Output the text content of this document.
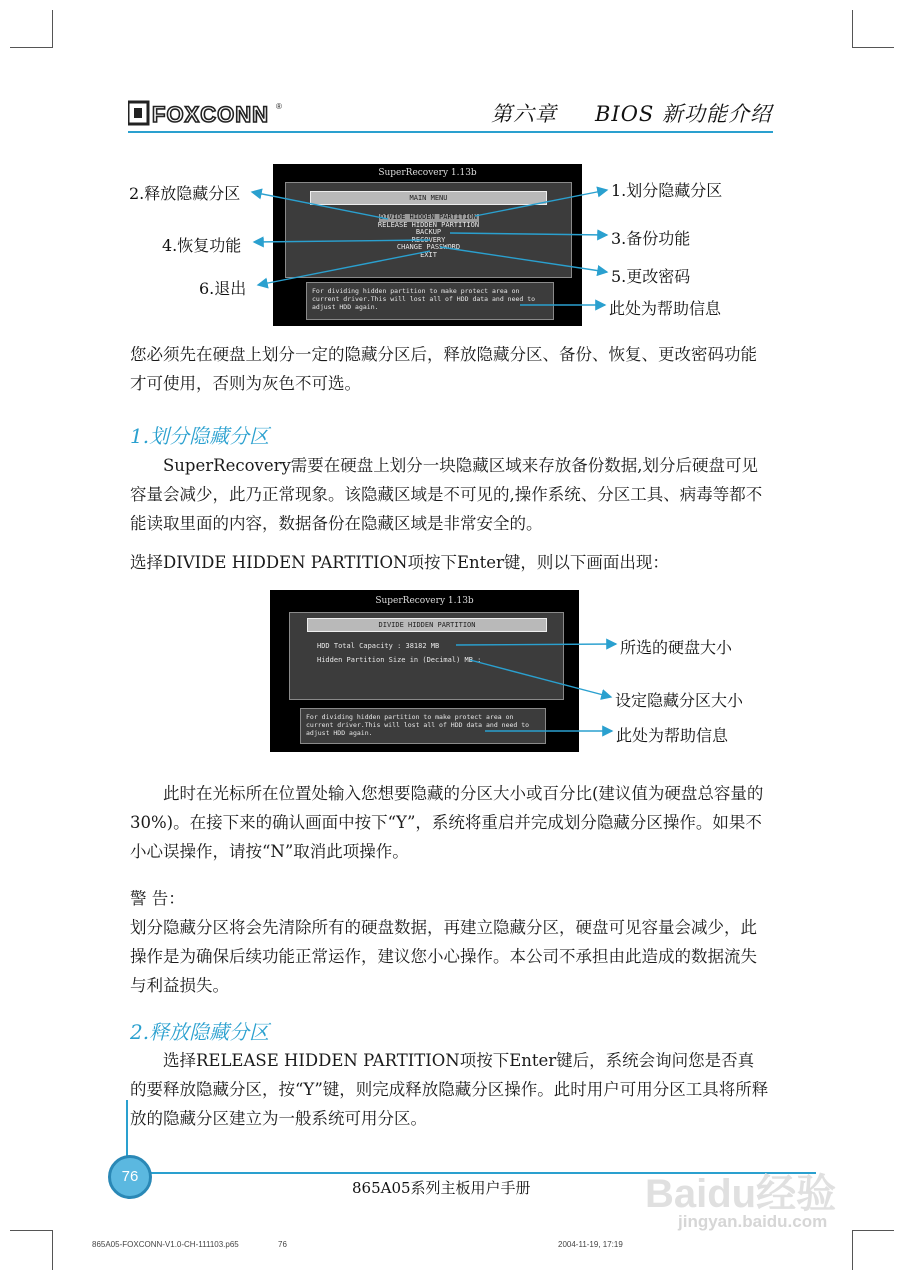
FOXCONN ®	第六章 BIOS 新功能介绍
SuperRecovery 1.13b
MAIN MENU
DIVIDE HIDDEN PARTITION
RELEASE HIDDEN PARTITION
BACKUP
RECOVERY
CHANGE PASSWORD
EXIT
For dividing hidden partition to make protect area on
current driver.This will lost all of HDD data and need to
adjust HDD again.
2.释放隐藏分区
4.恢复功能
6.退出
1.划分隐藏分区
3.备份功能
5.更改密码
此处为帮助信息
您必须先在硬盘上划分一定的隐藏分区后，释放隐藏分区、备份、恢复、更改密码功能才可使用，否则为灰色不可选。
1.划分隐藏分区
SuperRecovery需要在硬盘上划分一块隐藏区域来存放备份数据,划分后硬盘可见容量会减少，此乃正常现象。该隐藏区域是不可见的,操作系统、分区工具、病毒等都不能读取里面的内容，数据备份在隐藏区域是非常安全的。
选择DIVIDE HIDDEN PARTITION项按下Enter键，则以下画面出现：
SuperRecovery 1.13b
DIVIDE HIDDEN PARTITION
HDD Total Capacity : 38182 MB
Hidden Partition Size in (Decimal) MB :
For dividing hidden partition to make protect area on
current driver.This will lost all of HDD data and need to
adjust HDD again.
所选的硬盘大小
设定隐藏分区大小
此处为帮助信息
此时在光标所在位置处输入您想要隐藏的分区大小或百分比(建议值为硬盘总容量的30%)。在接下来的确认画面中按下“Y”，系统将重启并完成划分隐藏分区操作。如果不小心误操作，请按“N”取消此项操作。
警 告：
划分隐藏分区将会先清除所有的硬盘数据，再建立隐藏分区，硬盘可见容量会减少，此操作是为确保后续功能正常运作，建议您小心操作。本公司不承担由此造成的数据流失与利益损失。
2.释放隐藏分区
选择RELEASE HIDDEN PARTITION项按下Enter键后，系统会询问您是否真的要释放隐藏分区，按“Y”键，则完成释放隐藏分区操作。此时用户可用分区工具将所释放的隐藏分区建立为一般系统可用分区。
76
865A05系列主板用户手册
865A05-FOXCONN-V1.0-CH-111103.p65	76	2004-11-19, 17:19
Baidu经验
jingyan.baidu.com
